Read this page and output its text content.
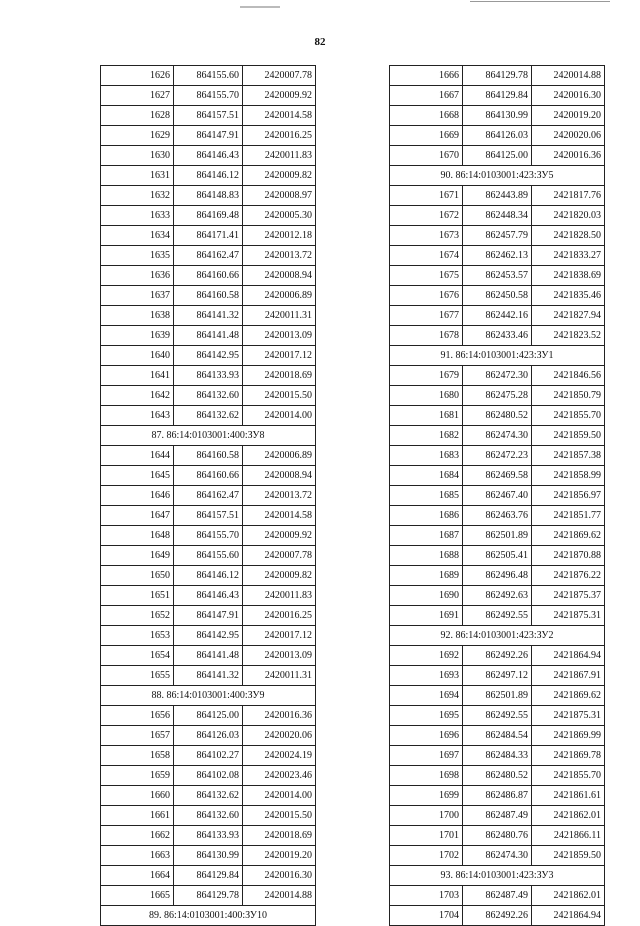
82
1626	864155.60	2420007.78
1627	864155.70	2420009.92
1628	864157.51	2420014.58
1629	864147.91	2420016.25
1630	864146.43	2420011.83
1631	864146.12	2420009.82
1632	864148.83	2420008.97
1633	864169.48	2420005.30
1634	864171.41	2420012.18
1635	864162.47	2420013.72
1636	864160.66	2420008.94
1637	864160.58	2420006.89
1638	864141.32	2420011.31
1639	864141.48	2420013.09
1640	864142.95	2420017.12
1641	864133.93	2420018.69
1642	864132.60	2420015.50
1643	864132.62	2420014.00
87. 86:14:0103001:400:ЗУ8		
1644	864160.58	2420006.89
1645	864160.66	2420008.94
1646	864162.47	2420013.72
1647	864157.51	2420014.58
1648	864155.70	2420009.92
1649	864155.60	2420007.78
1650	864146.12	2420009.82
1651	864146.43	2420011.83
1652	864147.91	2420016.25
1653	864142.95	2420017.12
1654	864141.48	2420013.09
1655	864141.32	2420011.31
88. 86:14:0103001:400:ЗУ9		
1656	864125.00	2420016.36
1657	864126.03	2420020.06
1658	864102.27	2420024.19
1659	864102.08	2420023.46
1660	864132.62	2420014.00
1661	864132.60	2420015.50
1662	864133.93	2420018.69
1663	864130.99	2420019.20
1664	864129.84	2420016.30
1665	864129.78	2420014.88
89. 86:14:0103001:400:ЗУ10		
1666	864129.78	2420014.88
1667	864129.84	2420016.30
1668	864130.99	2420019.20
1669	864126.03	2420020.06
1670	864125.00	2420016.36
90. 86:14:0103001:423:ЗУ5		
1671	862443.89	2421817.76
1672	862448.34	2421820.03
1673	862457.79	2421828.50
1674	862462.13	2421833.27
1675	862453.57	2421838.69
1676	862450.58	2421835.46
1677	862442.16	2421827.94
1678	862433.46	2421823.52
91. 86:14:0103001:423:ЗУ1		
1679	862472.30	2421846.56
1680	862475.28	2421850.79
1681	862480.52	2421855.70
1682	862474.30	2421859.50
1683	862472.23	2421857.38
1684	862469.58	2421858.99
1685	862467.40	2421856.97
1686	862463.76	2421851.77
1687	862501.89	2421869.62
1688	862505.41	2421870.88
1689	862496.48	2421876.22
1690	862492.63	2421875.37
1691	862492.55	2421875.31
92. 86:14:0103001:423:ЗУ2		
1692	862492.26	2421864.94
1693	862497.12	2421867.91
1694	862501.89	2421869.62
1695	862492.55	2421875.31
1696	862484.54	2421869.99
1697	862484.33	2421869.78
1698	862480.52	2421855.70
1699	862486.87	2421861.61
1700	862487.49	2421862.01
1701	862480.76	2421866.11
1702	862474.30	2421859.50
93. 86:14:0103001:423:ЗУ3		
1703	862487.49	2421862.01
1704	862492.26	2421864.94
